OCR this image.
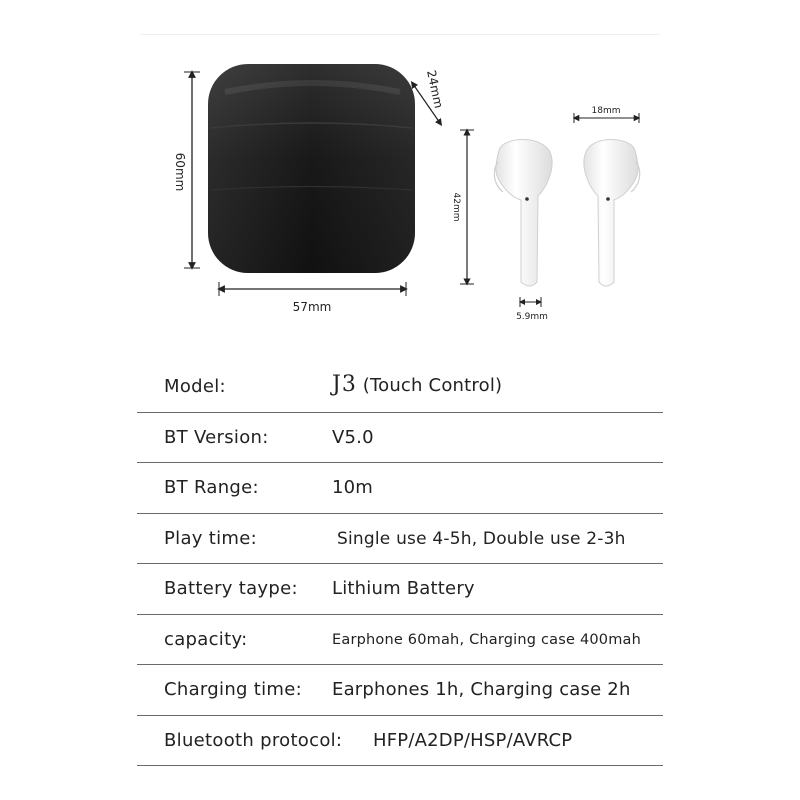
60mm
57mm
24mm
42mm
18mm
5.9mm
Model:	J3 (Touch Control)
BT Version:	V5.0
BT Range:	10m
Play time:	Single use 4-5h, Double use 2-3h
Battery taype: Lithium Battery
capacity:	Earphone 60mah, Charging case 400mah
Charging time: Earphones 1h, Charging case 2h
Bluetooth protocol: HFP/A2DP/HSP/AVRCP
